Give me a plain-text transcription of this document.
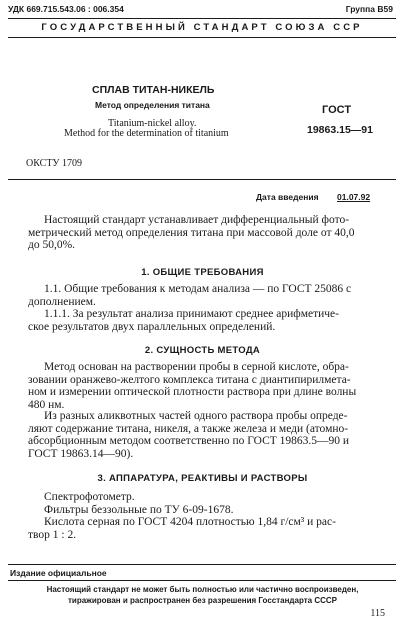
УДК 669.715.543.06 : 006.354	Группа В59
ГОСУДАРСТВЕННЫЙ СТАНДАРТ СОЮЗА ССР
СПЛАВ ТИТАН-НИКЕЛЬ
Метод определения титана
Titanium-nickel alloy.
Method for the determination of titanium
ГОСТ
19863.15—91
ОКСТУ 1709
Дата введения 01.07.92
Настоящий стандарт устанавливает дифференциальный фото-
метрический метод определения титана при массовой доле от 40,0
до 50,0%.
1. ОБЩИЕ ТРЕБОВАНИЯ
1.1. Общие требования к методам анализа — по ГОСТ 25086 с
дополнением.
1.1.1. За результат анализа принимают среднее арифметиче-
ское результатов двух параллельных определений.
2. СУЩНОСТЬ МЕТОДА
Метод основан на растворении пробы в серной кислоте, обра-
зовании оранжево-желтого комплекса титана с диантипирилмета-
ном и измерении оптической плотности раствора при длине волны
480 нм.
Из разных аликвотных частей одного раствора пробы опреде-
ляют содержание титана, никеля, а также железа и меди (атомно-
абсорбционным методом соответственно по ГОСТ 19863.5—90 и
ГОСТ 19863.14—90).
3. АППАРАТУРА, РЕАКТИВЫ И РАСТВОРЫ
Спектрофотометр.
Фильтры беззольные по ТУ 6-09-1678.
Кислота серная по ГОСТ 4204 плотностью 1,84 г/см³ и рас-
твор 1 : 2.
Издание официальное
Настоящий стандарт не может быть полностью или частично воспроизведен,
тиражирован и распространен без разрешения Госстандарта СССР
115
